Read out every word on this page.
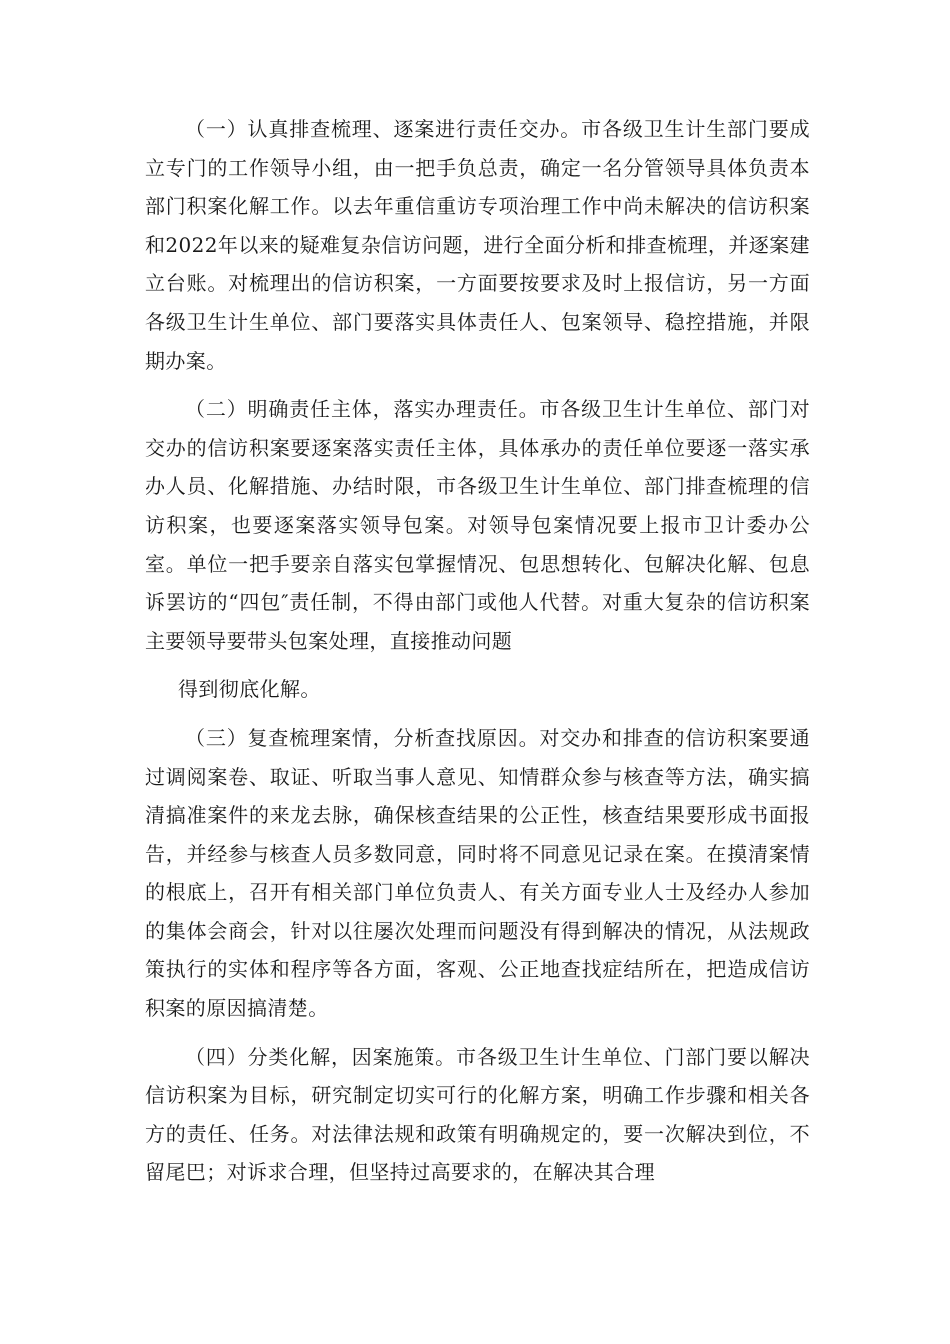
（一）认真排查梳理、逐案进行责任交办。市各级卫生计生部门要成立专门的工作领导小组，由一把手负总责，确定一名分管领导具体负责本部门积案化解工作。以去年重信重访专项治理工作中尚未解决的信访积案和2022年以来的疑难复杂信访问题，进行全面分析和排查梳理，并逐案建立台账。对梳理出的信访积案，一方面要按要求及时上报信访，另一方面各级卫生计生单位、部门要落实具体责任人、包案领导、稳控措施，并限期办案。

（二）明确责任主体，落实办理责任。市各级卫生计生单位、部门对交办的信访积案要逐案落实责任主体，具体承办的责任单位要逐一落实承办人员、化解措施、办结时限，市各级卫生计生单位、部门排查梳理的信访积案，也要逐案落实领导包案。对领导包案情况要上报市卫计委办公室。单位一把手要亲自落实包掌握情况、包思想转化、包解决化解、包息诉罢访的“四包″责任制，不得由部门或他人代替。对重大复杂的信访积案主要领导要带头包案处理，直接推动问题

得到彻底化解。

（三）复查梳理案情，分析查找原因。对交办和排查的信访积案要通过调阅案卷、取证、听取当事人意见、知情群众参与核查等方法，确实搞清搞准案件的来龙去脉，确保核查结果的公正性，核查结果要形成书面报告，并经参与核查人员多数同意，同时将不同意见记录在案。在摸清案情的根底上，召开有相关部门单位负责人、有关方面专业人士及经办人参加的集体会商会，针对以往屡次处理而问题没有得到解决的情况，从法规政策执行的实体和程序等各方面，客观、公正地查找症结所在，把造成信访积案的原因搞清楚。

（四）分类化解，因案施策。市各级卫生计生单位、门部门要以解决信访积案为目标，研究制定切实可行的化解方案，明确工作步骤和相关各方的责任、任务。对法律法规和政策有明确规定的，要一次解决到位，不留尾巴；对诉求合理，但坚持过高要求的，在解决其合理
